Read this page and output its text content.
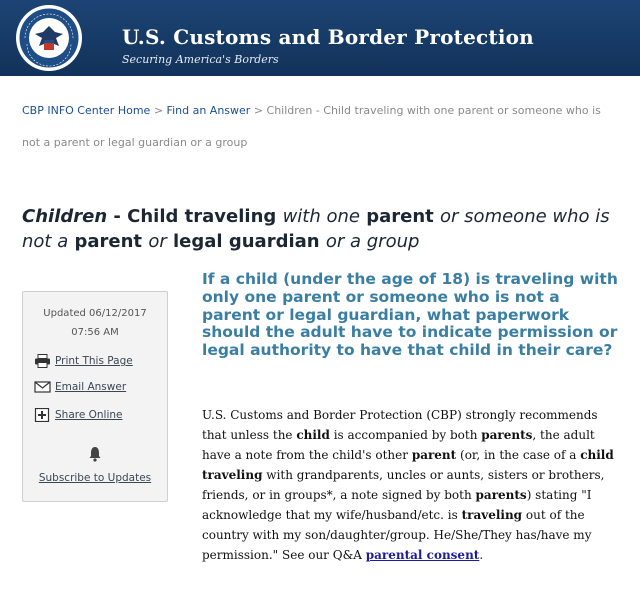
U.S. Customs and Border Protection
Securing America's Borders
CBP INFO Center Home > Find an Answer > Children - Child traveling with one parent or someone who is not a parent or legal guardian or a group
Children - Child traveling with one parent or someone who is not a parent or legal guardian or a group
If a child (under the age of 18) is traveling with only one parent or someone who is not a parent or legal guardian, what paperwork should the adult have to indicate permission or legal authority to have that child in their care?
Updated 06/12/2017
07:56 AM
Print This Page
Email Answer
Share Online
Subscribe to Updates
U.S. Customs and Border Protection (CBP) strongly recommends that unless the child is accompanied by both parents, the adult have a note from the child's other parent (or, in the case of a child traveling with grandparents, uncles or aunts, sisters or brothers, friends, or in groups*, a note signed by both parents) stating "I acknowledge that my wife/husband/etc. is traveling out of the country with my son/daughter/group. He/She/They has/have my permission." See our Q&A parental consent.
